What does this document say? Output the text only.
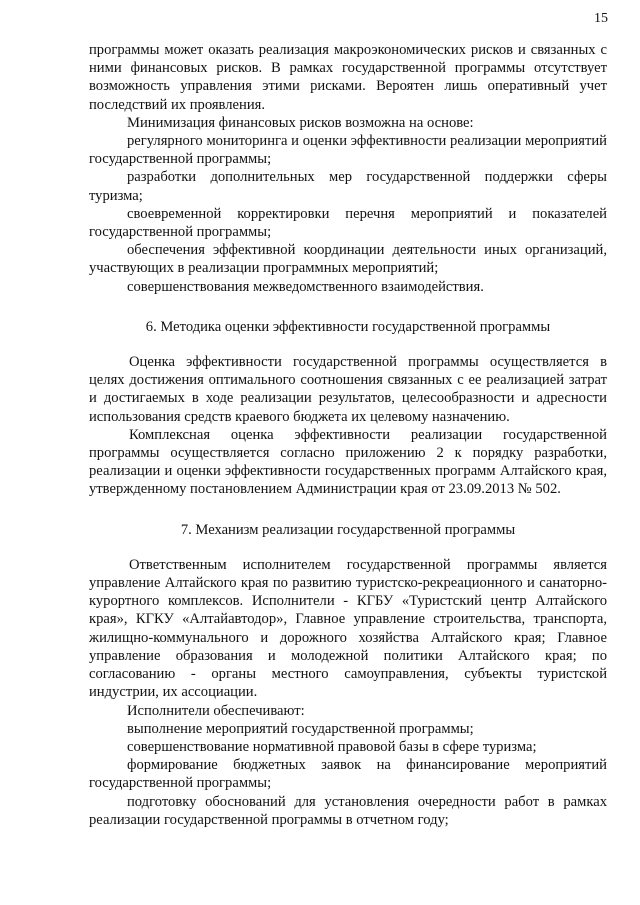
15

программы может оказать реализация макроэкономических рисков и связанных с ними финансовых рисков. В рамках государственной программы отсутствует возможность управления этими рисками. Вероятен лишь оперативный учет последствий их проявления.

Минимизация финансовых рисков возможна на основе:

регулярного мониторинга и оценки эффективности реализации мероприятий государственной программы;

разработки дополнительных мер государственной поддержки сферы туризма;

своевременной корректировки перечня мероприятий и показателей государственной программы;

обеспечения эффективной координации деятельности иных организаций, участвующих в реализации программных мероприятий;

совершенствования межведомственного взаимодействия.

6. Методика оценки эффективности государственной программы

Оценка эффективности государственной программы осуществляется в целях достижения оптимального соотношения связанных с ее реализацией затрат и достигаемых в ходе реализации результатов, целесообразности и адресности использования средств краевого бюджета их целевому назначению.

Комплексная оценка эффективности реализации государственной программы осуществляется согласно приложению 2 к порядку разработки, реализации и оценки эффективности государственных программ Алтайского края, утвержденному постановлением Администрации края от 23.09.2013 № 502.

7. Механизм реализации государственной программы

Ответственным исполнителем государственной программы является управление Алтайского края по развитию туристско-рекреационного и санаторно-курортного комплексов. Исполнители - КГБУ «Туристский центр Алтайского края», КГКУ «Алтайавтодор», Главное управление строительства, транспорта, жилищно-коммунального и дорожного хозяйства Алтайского края; Главное управление образования и молодежной политики Алтайского края; по согласованию - органы местного самоуправления, субъекты туристской индустрии, их ассоциации.

Исполнители обеспечивают:

выполнение мероприятий государственной программы;

совершенствование нормативной правовой базы в сфере туризма;

формирование бюджетных заявок на финансирование мероприятий государственной программы;

подготовку обоснований для установления очередности работ в рамках реализации государственной программы в отчетном году;
